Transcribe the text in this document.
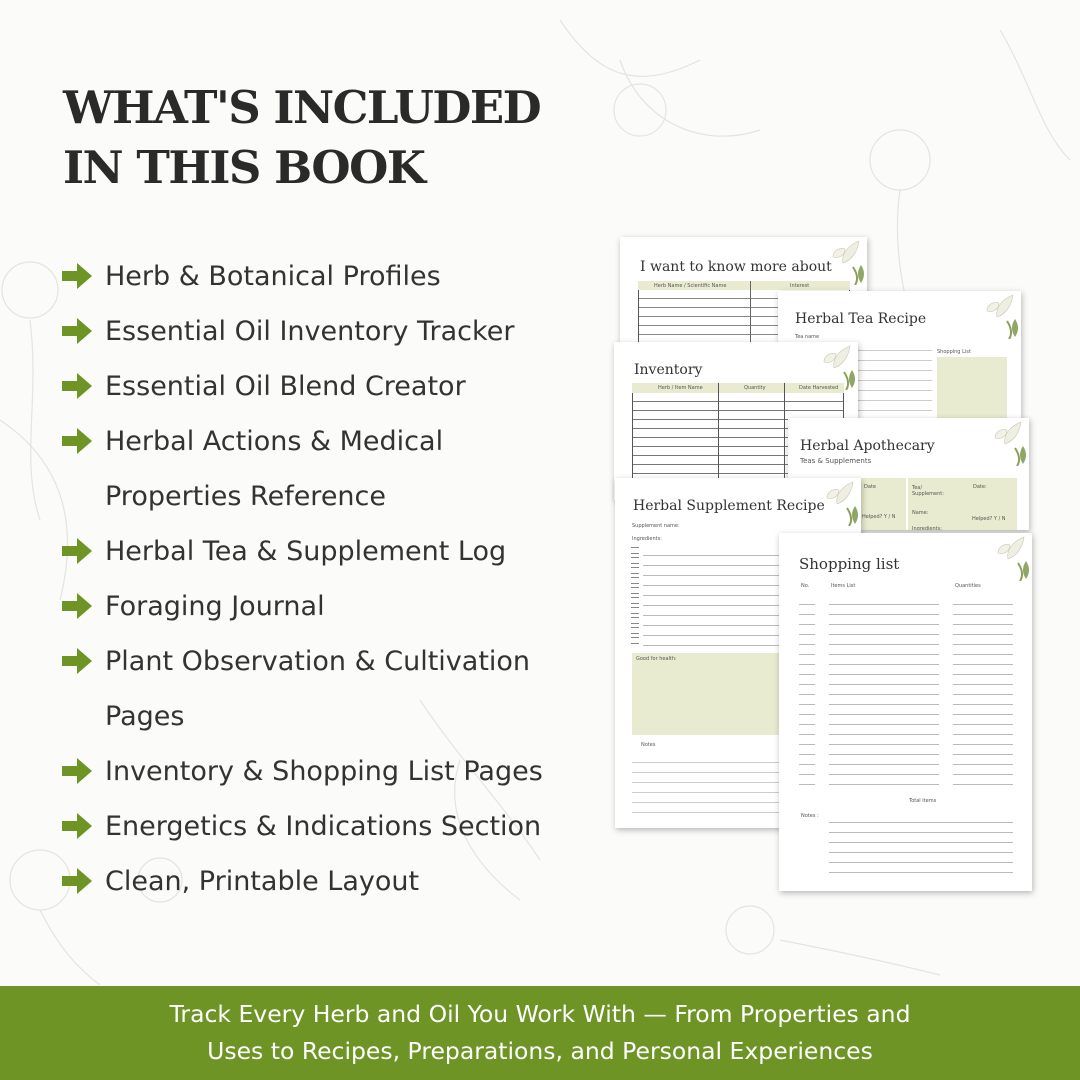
WHAT'S INCLUDED
IN THIS BOOK
Herb & Botanical Profiles
Essential Oil Inventory Tracker
Essential Oil Blend Creator
Herbal Actions & Medical
Properties Reference
Herbal Tea & Supplement Log
Foraging Journal
Plant Observation & Cultivation
Pages
Inventory & Shopping List Pages
Energetics & Indications Section
Clean, Printable Layout
I want to know more about
Herb Name / Scientific Name	Interest
Herbal Tea Recipe
Tea name
Shopping List
Inventory
Herb / Item Name	Quantity	Date Harvested
Herbal Apothecary
Teas & Supplements
Date	Tea/ Supplement:
Date:
Helped? Y / N
Name:
Helped? Y / N
Ingredients:
Herbal Supplement Recipe
Supplement name:
Ingredients:
Good for health:
Notes
Shopping list
No.	Items List	Quantities
Total items
Notes :
Track Every Herb and Oil You Work With — From Properties and
Uses to Recipes, Preparations, and Personal Experiences
